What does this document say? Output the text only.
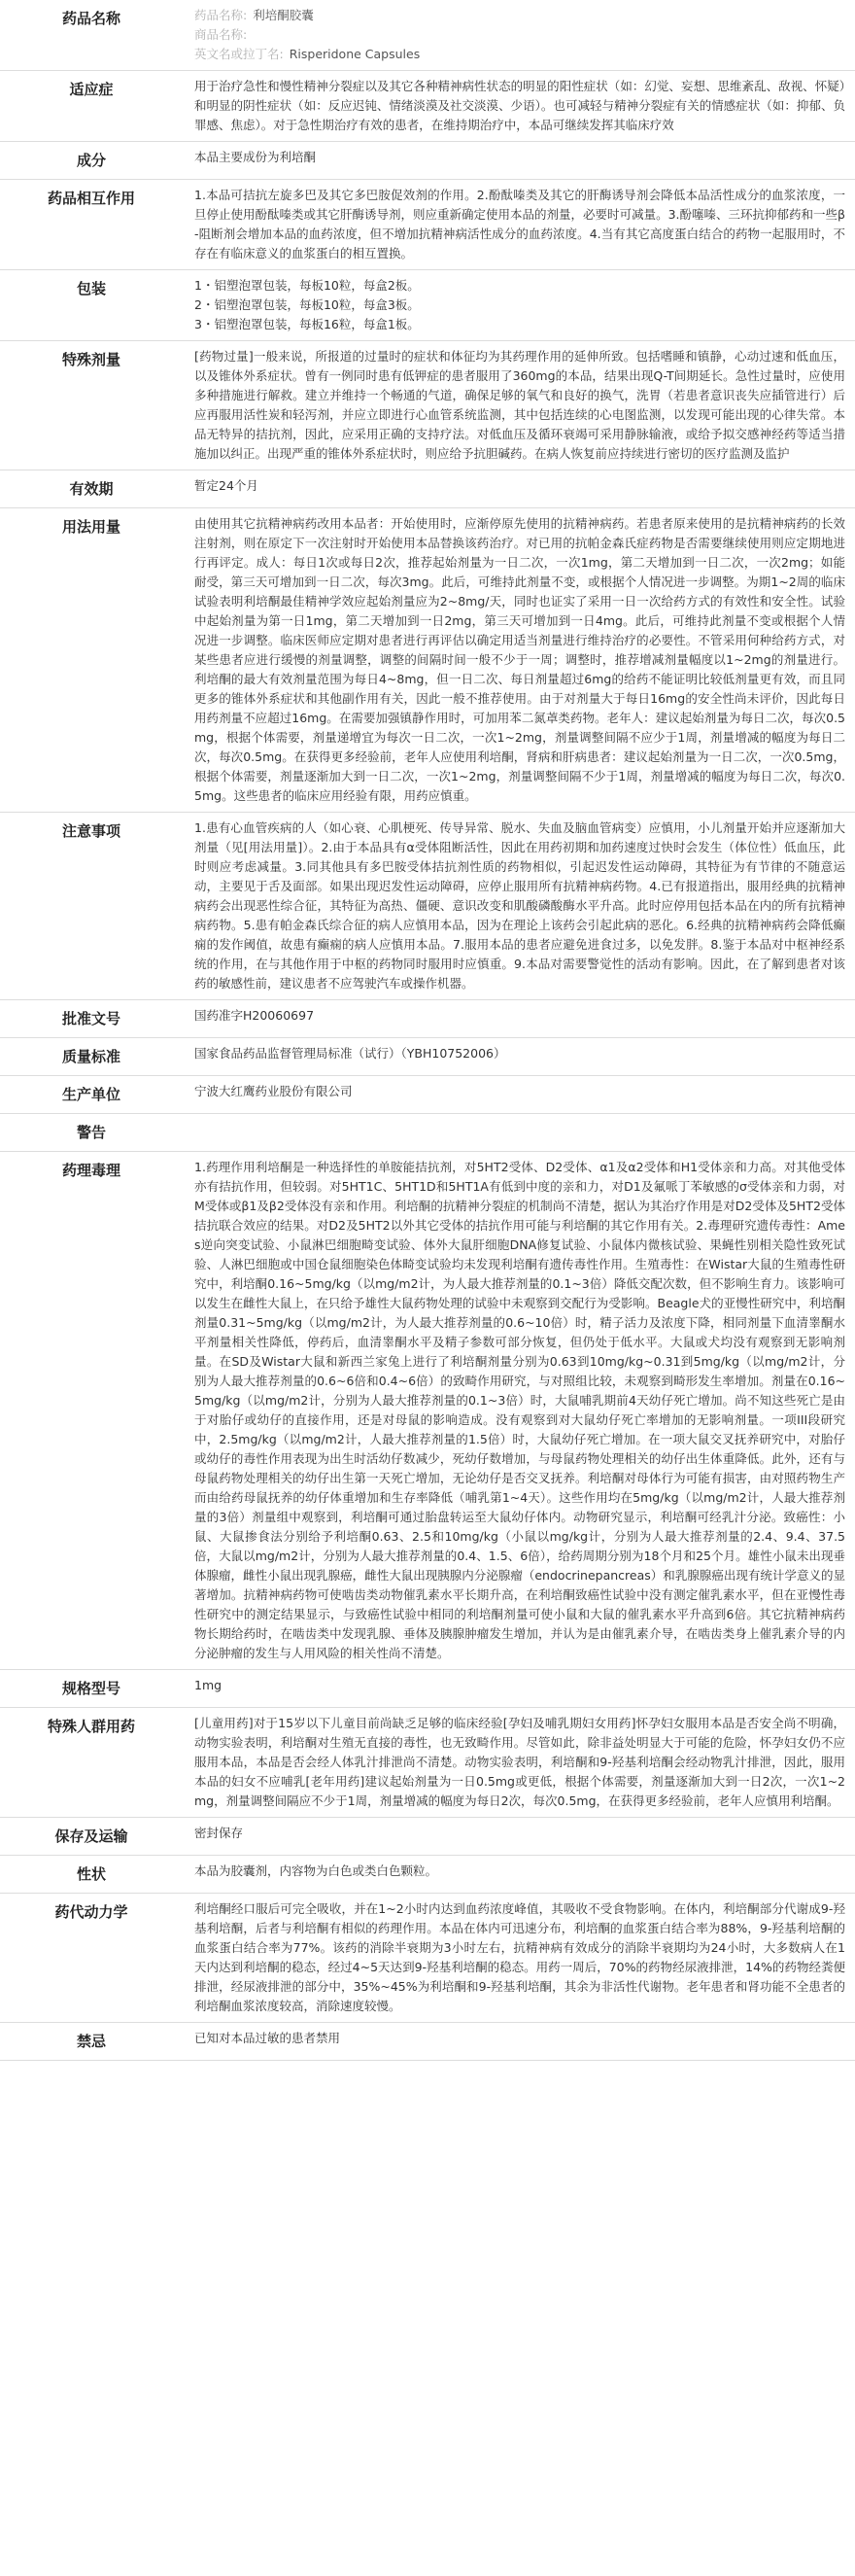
药品名称	药品名称: 利培酮胶囊
商品名称:
英文名或拉丁名: Risperidone Capsules

适应症	用于治疗急性和慢性精神分裂症以及其它各种精神病性状态的明显的阳性症状（如：幻觉、妄想、思维紊乱、敌视、怀疑）和明显的阴性症状（如：反应迟钝、情绪淡漠及社交淡漠、少语）。也可减轻与精神分裂症有关的情感症状（如：抑郁、负罪感、焦虑）。对于急性期治疗有效的患者，在维持期治疗中，本品可继续发挥其临床疗效
成分	本品主要成份为利培酮
药品相互作用	1.本品可拮抗左旋多巴及其它多巴胺促效剂的作用。2.酚酞嗪类及其它的肝酶诱导剂会降低本品活性成分的血浆浓度，一旦停止使用酚酞嗪类或其它肝酶诱导剂，则应重新确定使用本品的剂量，必要时可减量。3.酚噻嗪、三环抗抑郁药和一些β-阻断剂会增加本品的血药浓度，但不增加抗精神病活性成分的血药浓度。4.当有其它高度蛋白结合的药物一起服用时，不存在有临床意义的血浆蛋白的相互置换。
包装	1・铝塑泡罩包装，每板10粒，每盒2板。
2・铝塑泡罩包装，每板10粒，每盒3板。
3・铝塑泡罩包装，每板16粒，每盒1板。

特殊剂量	[药物过量]一般来说，所报道的过量时的症状和体征均为其药理作用的延伸所致。包括嗜睡和镇静，心动过速和低血压，以及锥体外系症状。曾有一例同时患有低钾症的患者服用了360mg的本品，结果出现Q-T间期延长。急性过量时，应使用多种措施进行解救。建立并维持一个畅通的气道，确保足够的氧气和良好的换气，洗胃（若患者意识丧失应插管进行）后应再服用活性炭和轻泻剂，并应立即进行心血管系统监测，其中包括连续的心电图监测，以发现可能出现的心律失常。本品无特异的拮抗剂，因此，应采用正确的支持疗法。对低血压及循环衰竭可采用静脉输液，或给予拟交感神经药等适当措施加以纠正。出现严重的锥体外系症状时，则应给予抗胆碱药。在病人恢复前应持续进行密切的医疗监测及监护
有效期	暂定24个月
用法用量	由使用其它抗精神病药改用本品者：开始使用时，应渐停原先使用的抗精神病药。若患者原来使用的是抗精神病药的长效注射剂，则在原定下一次注射时开始使用本品替换该药治疗。对已用的抗帕金森氏症药物是否需要继续使用则应定期地进行再评定。成人：每日1次或每日2次，推荐起始剂量为一日二次，一次1mg，第二天增加到一日二次，一次2mg；如能耐受，第三天可增加到一日二次，每次3mg。此后，可维持此剂量不变，或根据个人情况进一步调整。为期1~2周的临床试验表明利培酮最佳精神学效应起始剂量应为2~8mg/天，同时也证实了采用一日一次给药方式的有效性和安全性。试验中起始剂量为第一日1mg，第二天增加到一日2mg，第三天可增加到一日4mg。此后，可维持此剂量不变或根据个人情况进一步调整。临床医师应定期对患者进行再评估以确定用适当剂量进行维持治疗的必要性。不管采用何种给药方式，对某些患者应进行缓慢的剂量调整，调整的间隔时间一般不少于一周；调整时，推荐增减剂量幅度以1~2mg的剂量进行。利培酮的最大有效剂量范围为每日4~8mg，但一日二次、每日剂量超过6mg的给药不能证明比较低剂量更有效，而且同更多的锥体外系症状和其他副作用有关，因此一般不推荐使用。由于对剂量大于每日16mg的安全性尚未评价，因此每日用药剂量不应超过16mg。在需要加强镇静作用时，可加用苯二氮䓬类药物。老年人：建议起始剂量为每日二次，每次0.5mg，根据个体需要，剂量递增宜为每次一日二次，一次1~2mg，剂量调整间隔不应少于1周，剂量增减的幅度为每日二次，每次0.5mg。在获得更多经验前，老年人应使用利培酮，肾病和肝病患者：建议起始剂量为一日二次，一次0.5mg，根据个体需要，剂量逐渐加大到一日二次，一次1~2mg，剂量调整间隔不少于1周，剂量增减的幅度为每日二次，每次0.5mg。这些患者的临床应用经验有限，用药应慎重。
注意事项	1.患有心血管疾病的人（如心衰、心肌梗死、传导异常、脱水、失血及脑血管病变）应慎用，小儿剂量开始并应逐渐加大剂量（见[用法用量]）。2.由于本品具有α受体阻断活性，因此在用药初期和加药速度过快时会发生（体位性）低血压，此时则应考虑减量。3.同其他具有多巴胺受体拮抗剂性质的药物相似，引起迟发性运动障碍，其特征为有节律的不随意运动，主要见于舌及面部。如果出现迟发性运动障碍，应停止服用所有抗精神病药物。4.已有报道指出，服用经典的抗精神病药会出现恶性综合征，其特征为高热、僵硬、意识改变和肌酸磷酸酶水平升高。此时应停用包括本品在内的所有抗精神病药物。5.患有帕金森氏综合征的病人应慎用本品，因为在理论上该药会引起此病的恶化。6.经典的抗精神病药会降低癫痫的发作阈值，故患有癫痫的病人应慎用本品。7.服用本品的患者应避免进食过多，以免发胖。8.鉴于本品对中枢神经系统的作用，在与其他作用于中枢的药物同时服用时应慎重。9.本品对需要警觉性的活动有影响。因此，在了解到患者对该药的敏感性前，建议患者不应驾驶汽车或操作机器。
批准文号	国药准字H20060697
质量标准	国家食品药品监督管理局标准（试行）（YBH10752006）
生产单位	宁波大红鹰药业股份有限公司
警告	
药理毒理	1.药理作用利培酮是一种选择性的单胺能拮抗剂，对5HT2受体、D2受体、α1及α2受体和H1受体亲和力高。对其他受体亦有拮抗作用，但较弱。对5HT1C、5HT1D和5HT1A有低到中度的亲和力，对D1及氟哌丁苯敏感的σ受体亲和力弱，对M受体或β1及β2受体没有亲和作用。利培酮的抗精神分裂症的机制尚不清楚，据认为其治疗作用是对D2受体及5HT2受体拮抗联合效应的结果。对D2及5HT2以外其它受体的拮抗作用可能与利培酮的其它作用有关。2.毒理研究遗传毒性：Ames逆向突变试验、小鼠淋巴细胞畸变试验、体外大鼠肝细胞DNA修复试验、小鼠体内微核试验、果蝇性别相关隐性致死试验、人淋巴细胞或中国仓鼠细胞染色体畸变试验均未发现利培酮有遗传毒性作用。生殖毒性：在Wistar大鼠的生殖毒性研究中，利培酮0.16~5mg/kg（以mg/m2计，为人最大推荐剂量的0.1~3倍）降低交配次数，但不影响生育力。该影响可以发生在雌性大鼠上，在只给予雄性大鼠药物处理的试验中未观察到交配行为受影响。Beagle犬的亚慢性研究中，利培酮剂量0.31~5mg/kg（以mg/m2计，为人最大推荐剂量的0.6~10倍）时，精子活力及浓度下降，相同剂量下血清睾酮水平剂量相关性降低，停药后，血清睾酮水平及精子参数可部分恢复，但仍处于低水平。大鼠或犬均没有观察到无影响剂量。在SD及Wistar大鼠和新西兰家兔上进行了利培酮剂量分别为0.63到10mg/kg~0.31到5mg/kg（以mg/m2计，分别为人最大推荐剂量的0.6~6倍和0.4~6倍）的致畸作用研究，与对照组比较，未观察到畸形发生率增加。剂量在0.16~5mg/kg（以mg/m2计，分别为人最大推荐剂量的0.1~3倍）时，大鼠哺乳期前4天幼仔死亡增加。尚不知这些死亡是由于对胎仔或幼仔的直接作用，还是对母鼠的影响造成。没有观察到对大鼠幼仔死亡率增加的无影响剂量。一项III段研究中，2.5mg/kg（以mg/m2计，人最大推荐剂量的1.5倍）时，大鼠幼仔死亡增加。在一项大鼠交叉抚养研究中，对胎仔或幼仔的毒性作用表现为出生时活幼仔数减少，死幼仔数增加，与母鼠药物处理相关的幼仔出生体重降低。此外，还有与母鼠药物处理相关的幼仔出生第一天死亡增加，无论幼仔是否交叉抚养。利培酮对母体行为可能有损害，由对照药物生产而由给药母鼠抚养的幼仔体重增加和生存率降低（哺乳第1~4天）。这些作用均在5mg/kg（以mg/m2计，人最大推荐剂量的3倍）剂量组中观察到，利培酮可通过胎盘转运至大鼠幼仔体内。动物研究显示，利培酮可经乳汁分泌。致癌性：小鼠、大鼠掺食法分别给予利培酮0.63、2.5和10mg/kg（小鼠以mg/kg计，分别为人最大推荐剂量的2.4、9.4、37.5倍，大鼠以mg/m2计，分别为人最大推荐剂量的0.4、1.5、6倍），给药周期分别为18个月和25个月。雄性小鼠未出现垂体腺瘤，雌性小鼠出现乳腺癌，雌性大鼠出现胰腺内分泌腺瘤（endocrinepancreas）和乳腺腺癌出现有统计学意义的显著增加。抗精神病药物可使啮齿类动物催乳素水平长期升高，在利培酮致癌性试验中没有测定催乳素水平，但在亚慢性毒性研究中的测定结果显示，与致癌性试验中相同的利培酮剂量可使小鼠和大鼠的催乳素水平升高到6倍。其它抗精神病药物长期给药时，在啮齿类中发现乳腺、垂体及胰腺肿瘤发生增加，并认为是由催乳素介导，在啮齿类身上催乳素介导的内分泌肿瘤的发生与人用风险的相关性尚不清楚。
规格型号	1mg
特殊人群用药	[儿童用药]对于15岁以下儿童目前尚缺乏足够的临床经验[孕妇及哺乳期妇女用药]怀孕妇女服用本品是否安全尚不明确，动物实验表明，利培酮对生殖无直接的毒性，也无致畸作用。尽管如此，除非益处明显大于可能的危险，怀孕妇女仍不应服用本品，本品是否会经人体乳汁排泄尚不清楚。动物实验表明，利培酮和9-羟基利培酮会经动物乳汁排泄，因此，服用本品的妇女不应哺乳[老年用药]建议起始剂量为一日0.5mg或更低，根据个体需要，剂量逐渐加大到一日2次，一次1~2mg，剂量调整间隔应不少于1周，剂量增减的幅度为每日2次，每次0.5mg，在获得更多经验前，老年人应慎用利培酮。
保存及运输	密封保存
性状	本品为胶囊剂，内容物为白色或类白色颗粒。
药代动力学	利培酮经口服后可完全吸收，并在1~2小时内达到血药浓度峰值，其吸收不受食物影响。在体内，利培酮部分代谢成9-羟基利培酮，后者与利培酮有相似的药理作用。本品在体内可迅速分布，利培酮的血浆蛋白结合率为88%，9-羟基利培酮的血浆蛋白结合率为77%。该药的消除半衰期为3小时左右，抗精神病有效成分的消除半衰期均为24小时，大多数病人在1天内达到利培酮的稳态，经过4~5天达到9-羟基利培酮的稳态。用药一周后，70%的药物经尿液排泄，14%的药物经粪便排泄，经尿液排泄的部分中，35%~45%为利培酮和9-羟基利培酮，其余为非活性代谢物。老年患者和肾功能不全患者的利培酮血浆浓度较高，消除速度较慢。
禁忌	已知对本品过敏的患者禁用
